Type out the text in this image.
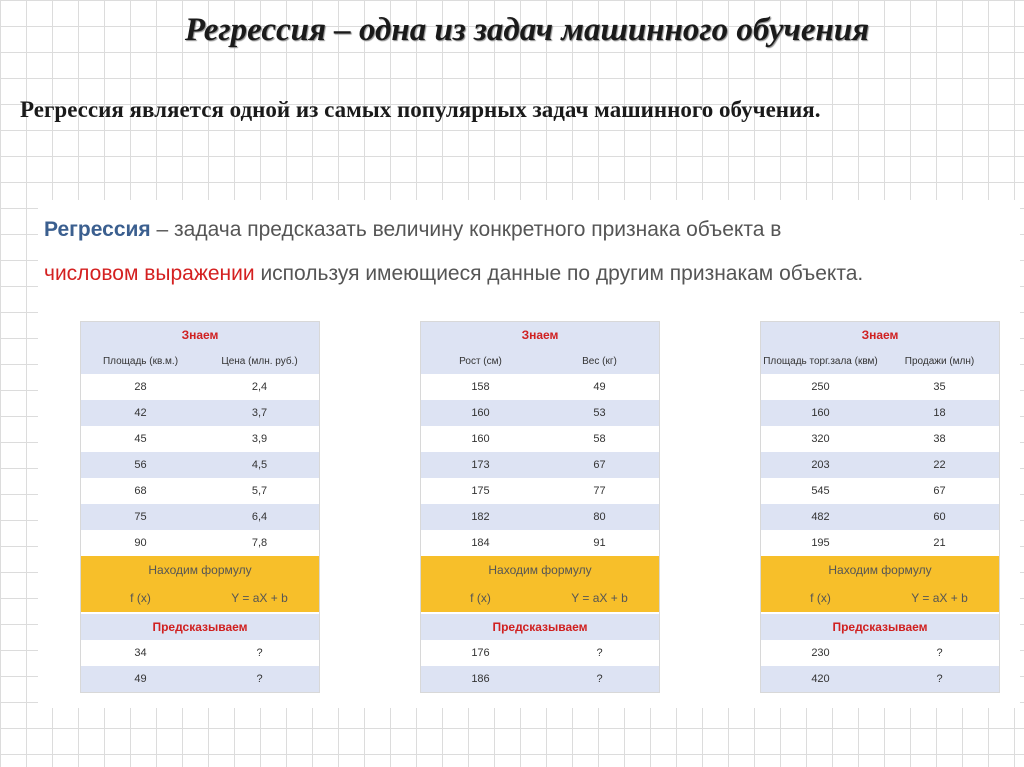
Регрессия – одна из задач машинного обучения
Регрессия является одной из самых популярных задач машинного обучения.
Регрессия – задача предсказать величину конкретного признака объекта в
числовом выражении используя имеющиеся данные по другим признакам объекта.
Знаем
Площадь (кв.м.)	Цена (млн. руб.)
28	2,4
42	3,7
45	3,9
56	4,5
68	5,7
75	6,4
90	7,8
Находим формулу
f (x)	Y = aX + b
Предсказываем
34	?
49	?
Знаем
Рост (см)	Вес (кг)
158	49
160	53
160	58
173	67
175	77
182	80
184	91
Находим формулу
f (x)	Y = aX + b
Предсказываем
176	?
186	?
Знаем
Площадь торг.зала (квм)	Продажи (млн)
250	35
160	18
320	38
203	22
545	67
482	60
195	21
Находим формулу
f (x)	Y = aX + b
Предсказываем
230	?
420	?
